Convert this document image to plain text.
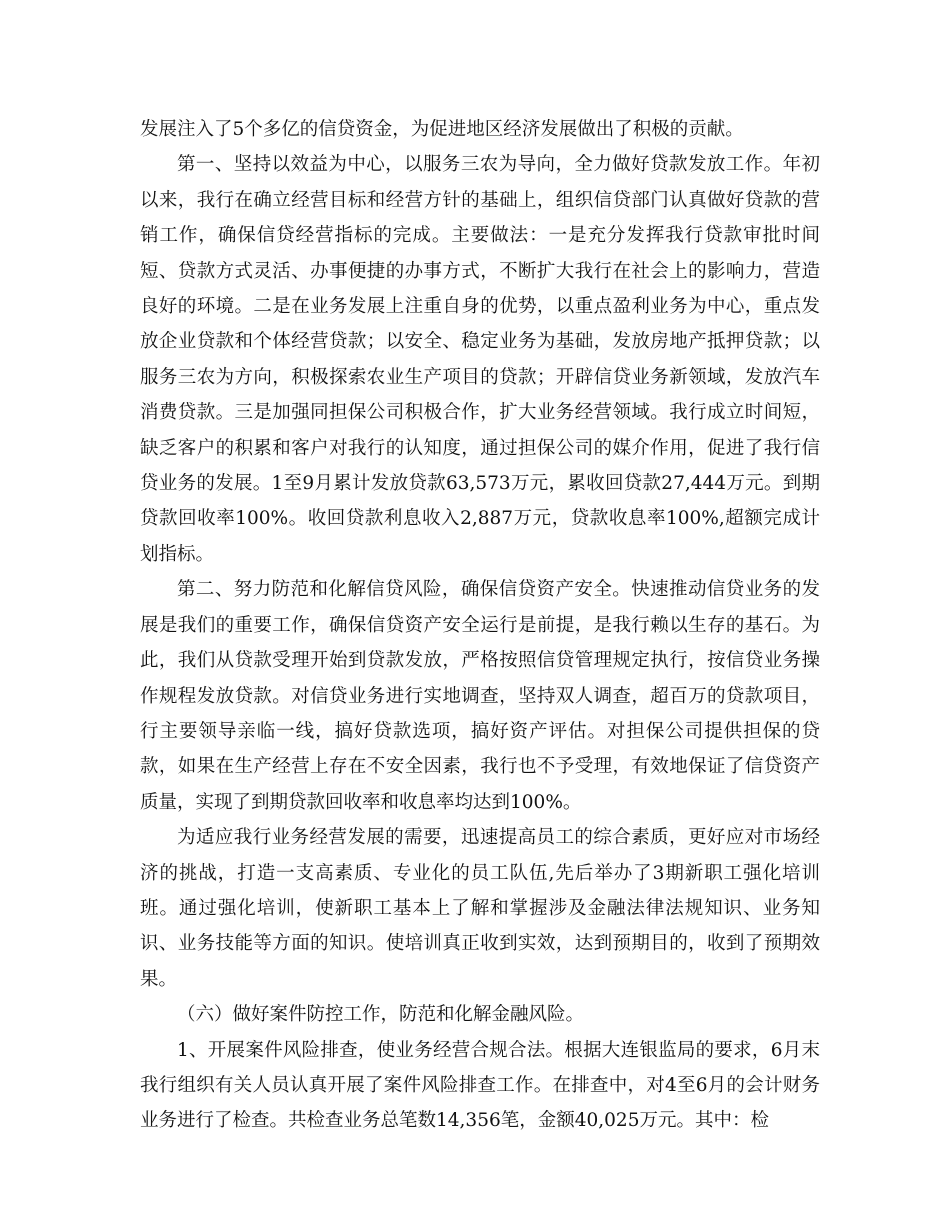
发展注入了5个多亿的信贷资金，为促进地区经济发展做出了积极的贡献。

第一、坚持以效益为中心，以服务三农为导向，全力做好贷款发放工作。年初以来，我行在确立经营目标和经营方针的基础上，组织信贷部门认真做好贷款的营销工作，确保信贷经营指标的完成。主要做法：一是充分发挥我行贷款审批时间短、贷款方式灵活、办事便捷的办事方式，不断扩大我行在社会上的影响力，营造良好的环境。二是在业务发展上注重自身的优势，以重点盈利业务为中心，重点发放企业贷款和个体经营贷款；以安全、稳定业务为基础，发放房地产抵押贷款；以服务三农为方向，积极探索农业生产项目的贷款；开辟信贷业务新领域，发放汽车消费贷款。三是加强同担保公司积极合作，扩大业务经营领域。我行成立时间短，缺乏客户的积累和客户对我行的认知度，通过担保公司的媒介作用，促进了我行信贷业务的发展。1至9月累计发放贷款63,573万元，累收回贷款27,444万元。到期贷款回收率100%。收回贷款利息收入2,887万元，贷款收息率100%,超额完成计划指标。

第二、努力防范和化解信贷风险，确保信贷资产安全。快速推动信贷业务的发展是我们的重要工作，确保信贷资产安全运行是前提，是我行赖以生存的基石。为此，我们从贷款受理开始到贷款发放，严格按照信贷管理规定执行，按信贷业务操作规程发放贷款。对信贷业务进行实地调查，坚持双人调查，超百万的贷款项目，行主要领导亲临一线，搞好贷款选项，搞好资产评估。对担保公司提供担保的贷款，如果在生产经营上存在不安全因素，我行也不予受理，有效地保证了信贷资产质量，实现了到期贷款回收率和收息率均达到100%。

为适应我行业务经营发展的需要，迅速提高员工的综合素质，更好应对市场经济的挑战，打造一支高素质、专业化的员工队伍,先后举办了3期新职工强化培训班。通过强化培训，使新职工基本上了解和掌握涉及金融法律法规知识、业务知识、业务技能等方面的知识。使培训真正收到实效，达到预期目的，收到了预期效果。

（六）做好案件防控工作，防范和化解金融风险。

1、开展案件风险排查，使业务经营合规合法。根据大连银监局的要求，6月末我行组织有关人员认真开展了案件风险排查工作。在排查中，对4至6月的会计财务业务进行了检查。共检查业务总笔数14,356笔，金额40,025万元。其中：检
